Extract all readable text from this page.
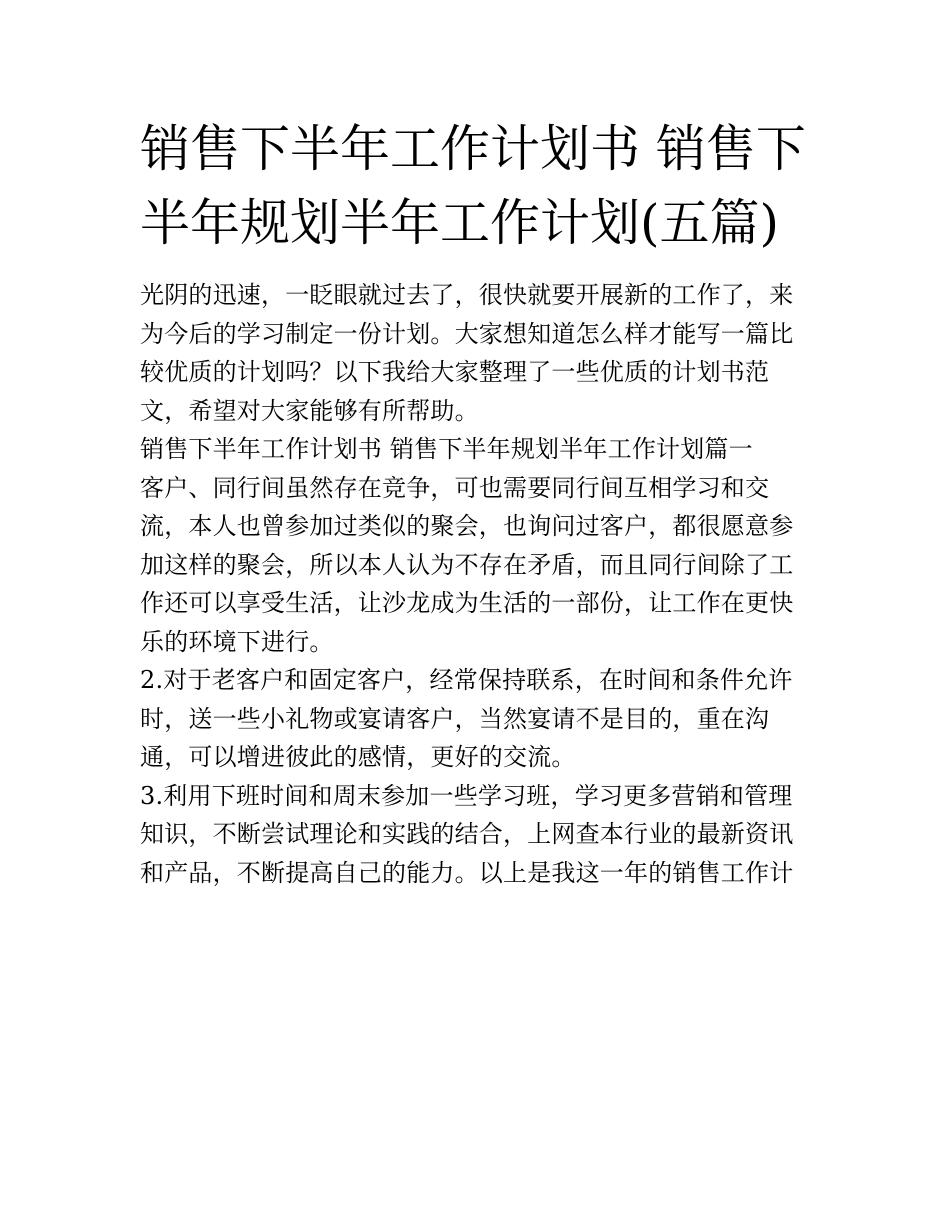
销售下半年工作计划书 销售下
半年规划半年工作计划(五篇)

光阴的迅速，一眨眼就过去了，很快就要开展新的工作了，来为今后的学习制定一份计划。大家想知道怎么样才能写一篇比较优质的计划吗？以下我给大家整理了一些优质的计划书范文，希望对大家能够有所帮助。

销售下半年工作计划书 销售下半年规划半年工作计划篇一

客户、同行间虽然存在竞争，可也需要同行间互相学习和交流，本人也曾参加过类似的聚会，也询问过客户，都很愿意参加这样的聚会，所以本人认为不存在矛盾，而且同行间除了工作还可以享受生活，让沙龙成为生活的一部份，让工作在更快乐的环境下进行。

2.对于老客户和固定客户，经常保持联系，在时间和条件允许时，送一些小礼物或宴请客户，当然宴请不是目的，重在沟通，可以增进彼此的感情，更好的交流。

3.利用下班时间和周末参加一些学习班，学习更多营销和管理知识，不断尝试理论和实践的结合，上网查本行业的最新资讯和产品，不断提高自己的能力。以上是我这一年的销售工作计
